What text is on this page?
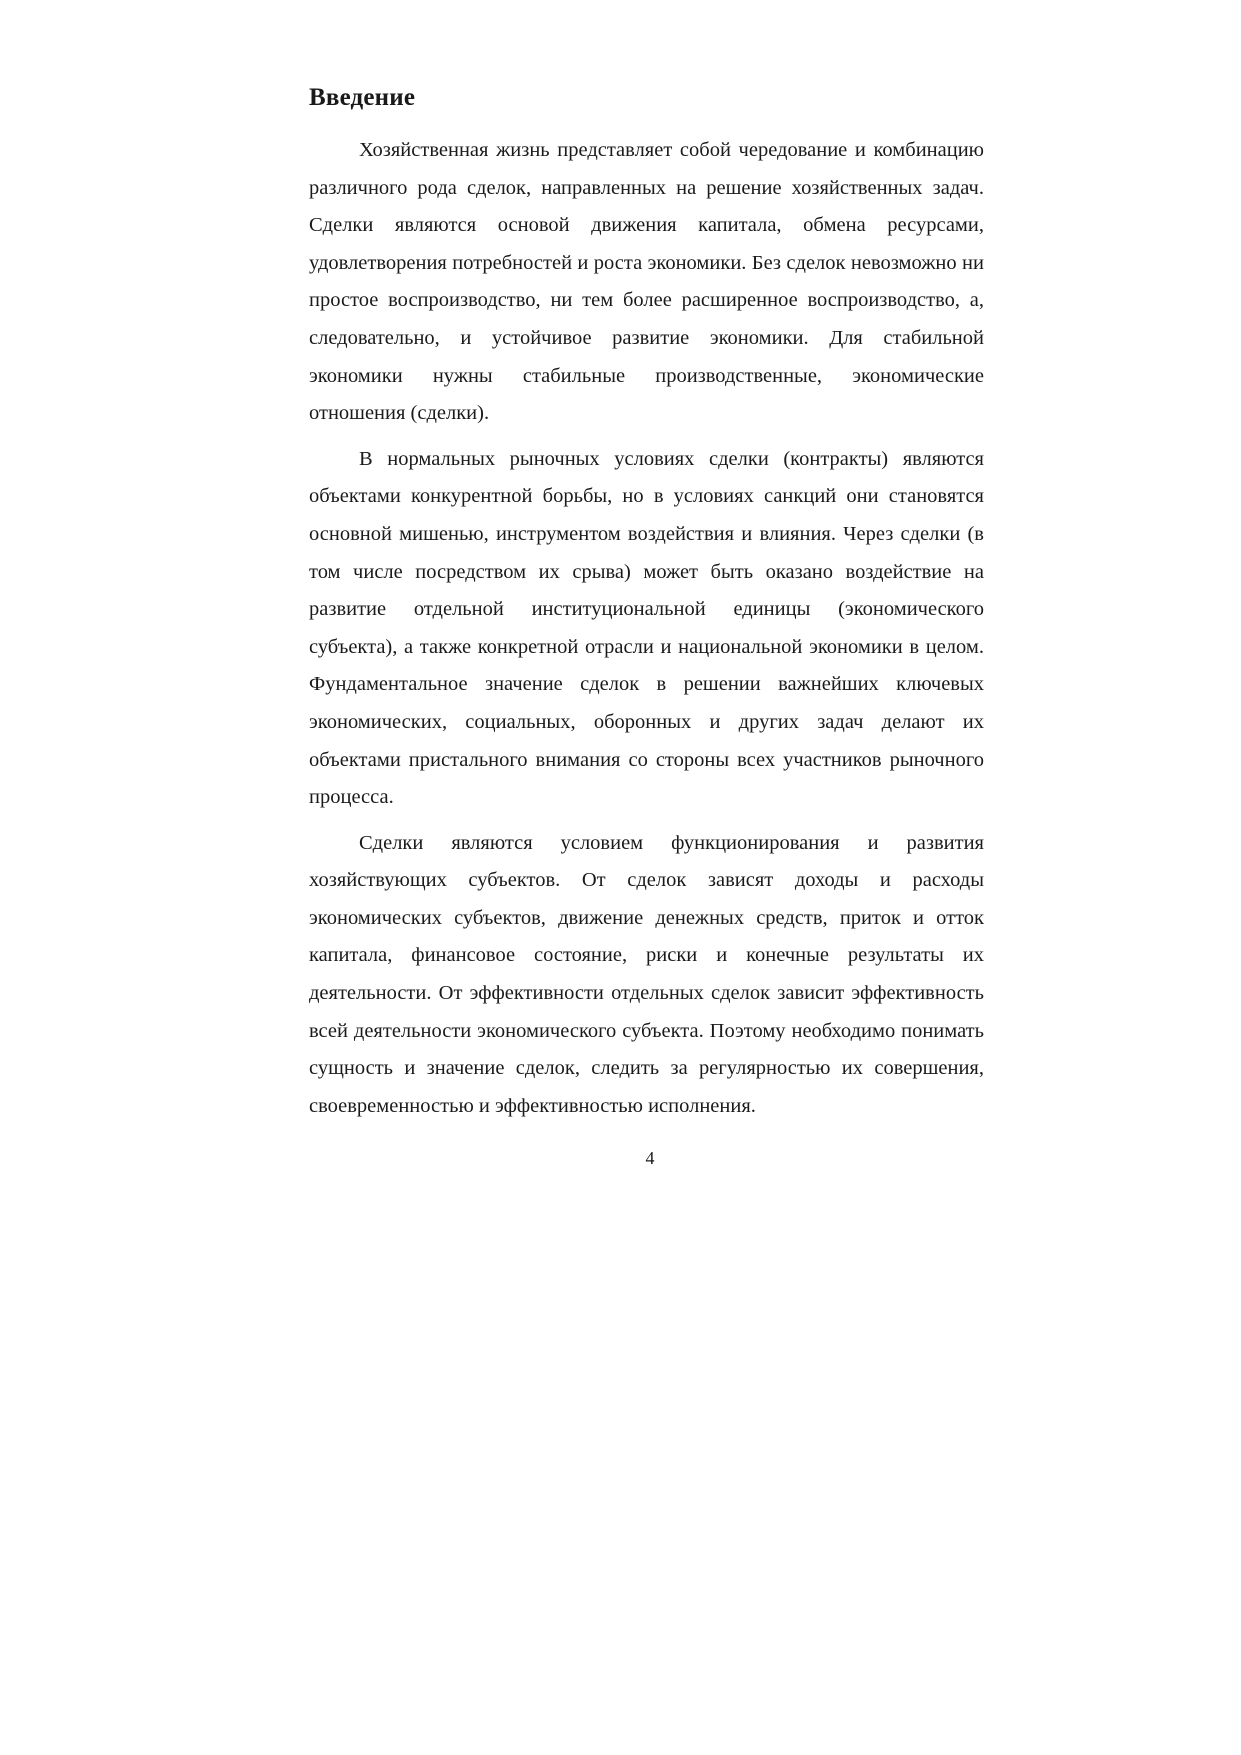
Введение

Хозяйственная жизнь представляет собой чередование и комбинацию различного рода сделок, направленных на решение хозяйственных задач. Сделки являются основой движения капитала, обмена ресурсами, удовлетворения потребностей и роста экономики. Без сделок невозможно ни простое воспроизводство, ни тем более расширенное воспроизводство, а, следовательно, и устойчивое развитие экономики. Для стабильной экономики нужны стабильные производственные, экономические отношения (сделки).

В нормальных рыночных условиях сделки (контракты) являются объектами конкурентной борьбы, но в условиях санкций они становятся основной мишенью, инструментом воздействия и влияния. Через сделки (в том числе посредством их срыва) может быть оказано воздействие на развитие отдельной институциональной единицы (экономического субъекта), а также конкретной отрасли и национальной экономики в целом. Фундаментальное значение сделок в решении важнейших ключевых экономических, социальных, оборонных и других задач делают их объектами пристального внимания со стороны всех участников рыночного процесса.

Сделки являются условием функционирования и развития хозяйствующих субъектов. От сделок зависят доходы и расходы экономических субъектов, движение денежных средств, приток и отток капитала, финансовое состояние, риски и конечные результаты их деятельности. От эффективности отдельных сделок зависит эффективность всей деятельности экономического субъекта. Поэтому необходимо понимать сущность и значение сделок, следить за регулярностью их совершения, своевременностью и эффективностью исполнения.

4
